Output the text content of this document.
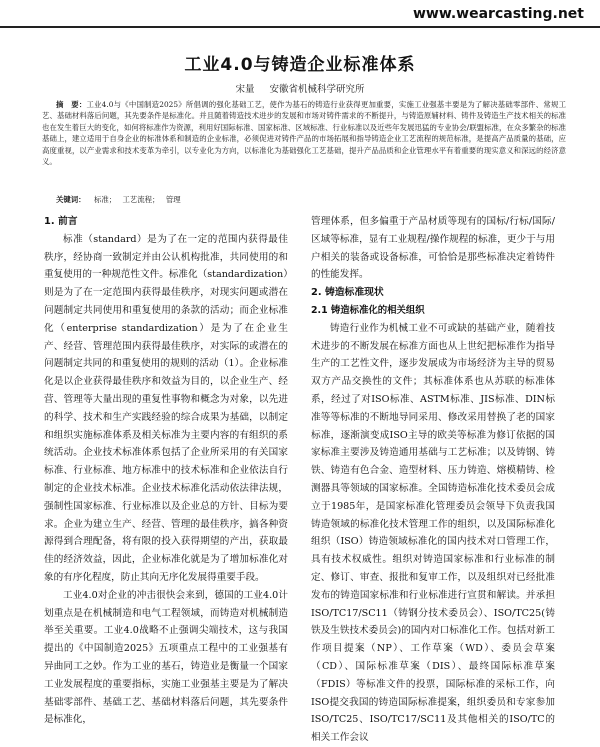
www.wearcasting.net
工业4.0与铸造企业标准体系
宋量 安徽省机械科学研究所
摘　要：工业4.0与《中国制造2025》所倡调的强化基础工艺，使作为基石的铸造行业获得更加重要，实施工业强基丰要是为了解决基础零部件、常规工艺、基础材料落后问题，其先要条件是标准化。并且随着铸造技术进步的发展和市场对铸件需求的不断提升，与铸造原辅材料、铸件及铸造生产技术相关的标准也在发生着巨大的变化，如何将标准作为资源，利用好国际标准、国家标准、区域标准、行业标准以及近些年发展迅猛的专业协会/联盟标准，在众多繁杂的标准基础上，建立适用于自身企业的标准体系和制造的企业标准，必须促进对铸件产品的市场拓展和指导铸造企业工艺流程的规范标准，是提高产品质量的基础，应高度重视，以产业需求和技术变革为牵引，以专业化为方向，以标准化为基础强化工艺基础，提升产品品质和企业管理水平有着重要的现实意义和深远的经济意义。
关键词： 标准； 工艺流程； 管理
1. 前言

标准（standard）是为了在一定的范围内获得最佳秩序，经协商一致制定并由公认机构批准，共同使用的和重复使用的一种规范性文件。标准化（standardization）则是为了在一定范围内获得最佳秩序，对现实问题或潜在问题制定共同使用和重复使用的条款的活动；而企业标准化（enterprise standardization）是为了在企业生产、经营、管理范围内获得最佳秩序，对实际的或潜在的问题制定共同的和重复使用的规则的活动（1）。企业标准化是以企业获得最佳秩序和效益为目的，以企业生产、经营、管理等大量出现的重复性事物和概念为对象，以先进的科学、技术和生产实践经验的综合成果为基础，以制定和组织实施标准体系及相关标准为主要内容的有组织的系统活动。企业技术标准体系包括了企业所采用的有关国家标准、行业标准、地方标准中的技术标准和企业依法自行制定的企业技术标准。企业技术标准化活动依法律法规，强制性国家标准、行业标准以及企业总的方针、目标为要求。企业为建立生产、经营、管理的最佳秩序，搞各种资源得到合理配备，将有限的投入获得期望的产出，获取最佳的经济效益，因此，企业标准化就是为了增加标准化对象的有序化程度，防止其向无序化发展得重要手段。

工业4.0对企业的冲击很快会来到，德国的工业4.0计划重点是在机械制造和电气工程领域，而铸造对机械制造举至关重要。工业4.0战略不止强调尖端技术，这与我国提出的《中国制造2025》五项重点工程中的工业强基有异曲同工之妙。作为工业的基石，铸造业是衡量一个国家工业发展程度的重要指标，实施工业强基主要是为了解决基础零部件、基础工艺、基础材料落后问题，其先要条件是标准化，

管理体系，但多偏重于产品材质等现有的国标/行标/国际/区域等标准，显有工业规程/操作规程的标准，更少于与用户相关的装备或设备标准，可恰恰是那些标准决定着铸件的性能发挥。

2. 铸造标准现状
2.1 铸造标准化的相关组织

铸造行业作为机械工业不可或缺的基础产业，随着技术进步的不断发展在标准方面也从上世纪把标准作为指导生产的工艺性文件，逐步发展成为市场经济为主导的贸易双方产品交换性的文件；其标准体系也从苏联的标准体系，经过了对ISO标准、ASTM标准、JIS标准、DIN标准等等标准的不断地导同采用、修改采用替换了老的国家标准，逐渐演变成ISO主导的欧美等标准为修订依据的国家标准主要涉及铸造通用基础与工艺标准；以及铸钢、铸铁、铸造有色合金、造型材料、压力铸造、熔模精铸、检测器具等领域的国家标准。全国铸造标准化技术委员会成立于1985年，是国家标准化管理委员会领导下负责我国铸造领域的标准化技术管理工作的组织，以及国际标准化组织（ISO）铸造领域标准化的国内技术对口管理工作，具有技术权威性。组织对铸造国家标准和行业标准的制定、修订、审查、报批和复审工作，以及组织对已经批准发布的铸造国家标准和行业标准进行宣贯和解读。并承担ISO/TC17/SC11（铸钢分技术委员会）、ISO/TC25(铸铁及生铁技术委员会)的国内对口标准化工作。包括对新工作项目提案（NP）、工作草案（WD）、委员会草案（CD）、国际标准草案（DIS）、最终国际标准草案（FDIS）等标准文件的投票，国际标准的采标工作，向ISO提交我国的铸造国际标准提案，组织委员和专家参加ISO/TC25、ISO/TC17/SC11及其他相关的ISO/TC的相关工作会议
